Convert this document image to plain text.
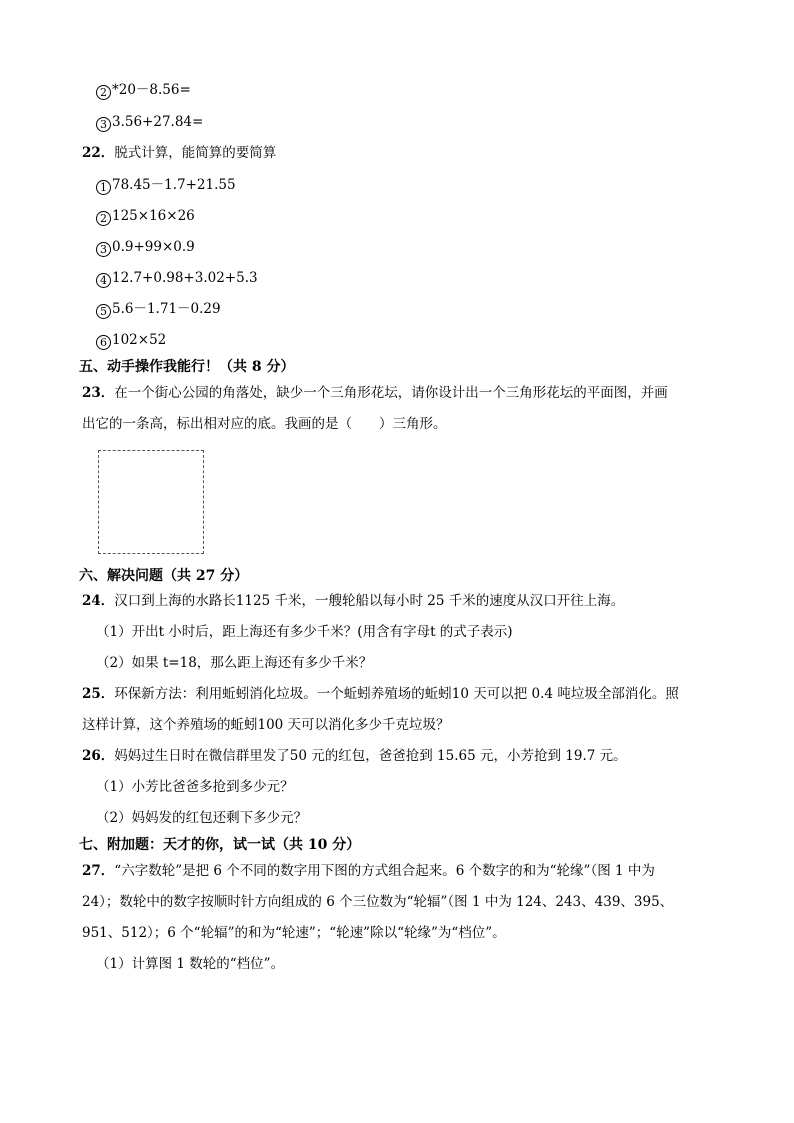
2 *20－8.56=
3 3.56+27.84=
22．脱式计算，能简算的要简算
1 78.45－1.7+21.55
2 125×16×26
3 0.9+99×0.9
4 12.7+0.98+3.02+5.3
5 5.6－1.71－0.29
6 102×52
五、动手操作我能行！（共 8 分）
23．在一个街心公园的角落处，缺少一个三角形花坛，请你设计出一个三角形花坛的平面图，并画
出它的一条高，标出相对应的底。我画的是（　　）三角形。
六、解决问题（共 27 分）
24．汉口到上海的水路长1125 千米，一艘轮船以每小时 25 千米的速度从汉口开往上海。
（1）开出t 小时后，距上海还有多少千米？(用含有字母t 的式子表示)
（2）如果 t=18，那么距上海还有多少千米？
25．环保新方法：利用蚯蚓消化垃圾。一个蚯蚓养殖场的蚯蚓10 天可以把 0.4 吨垃圾全部消化。照
这样计算，这个养殖场的蚯蚓100 天可以消化多少千克垃圾？
26．妈妈过生日时在微信群里发了50 元的红包，爸爸抢到 15.65 元，小芳抢到 19.7 元。
（1）小芳比爸爸多抢到多少元？
（2）妈妈发的红包还剩下多少元？
七、附加题：天才的你，试一试（共 10 分）
27．“六字数轮”是把 6 个不同的数字用下图的方式组合起来。6 个数字的和为“轮缘”（图 1 中为
24）；数轮中的数字按顺时针方向组成的 6 个三位数为“轮辐”（图 1 中为 124、243、439、395、
951、512）；6 个“轮辐”的和为“轮速”；“轮速”除以“轮缘”为“档位”。
（1）计算图 1 数轮的“档位”。
